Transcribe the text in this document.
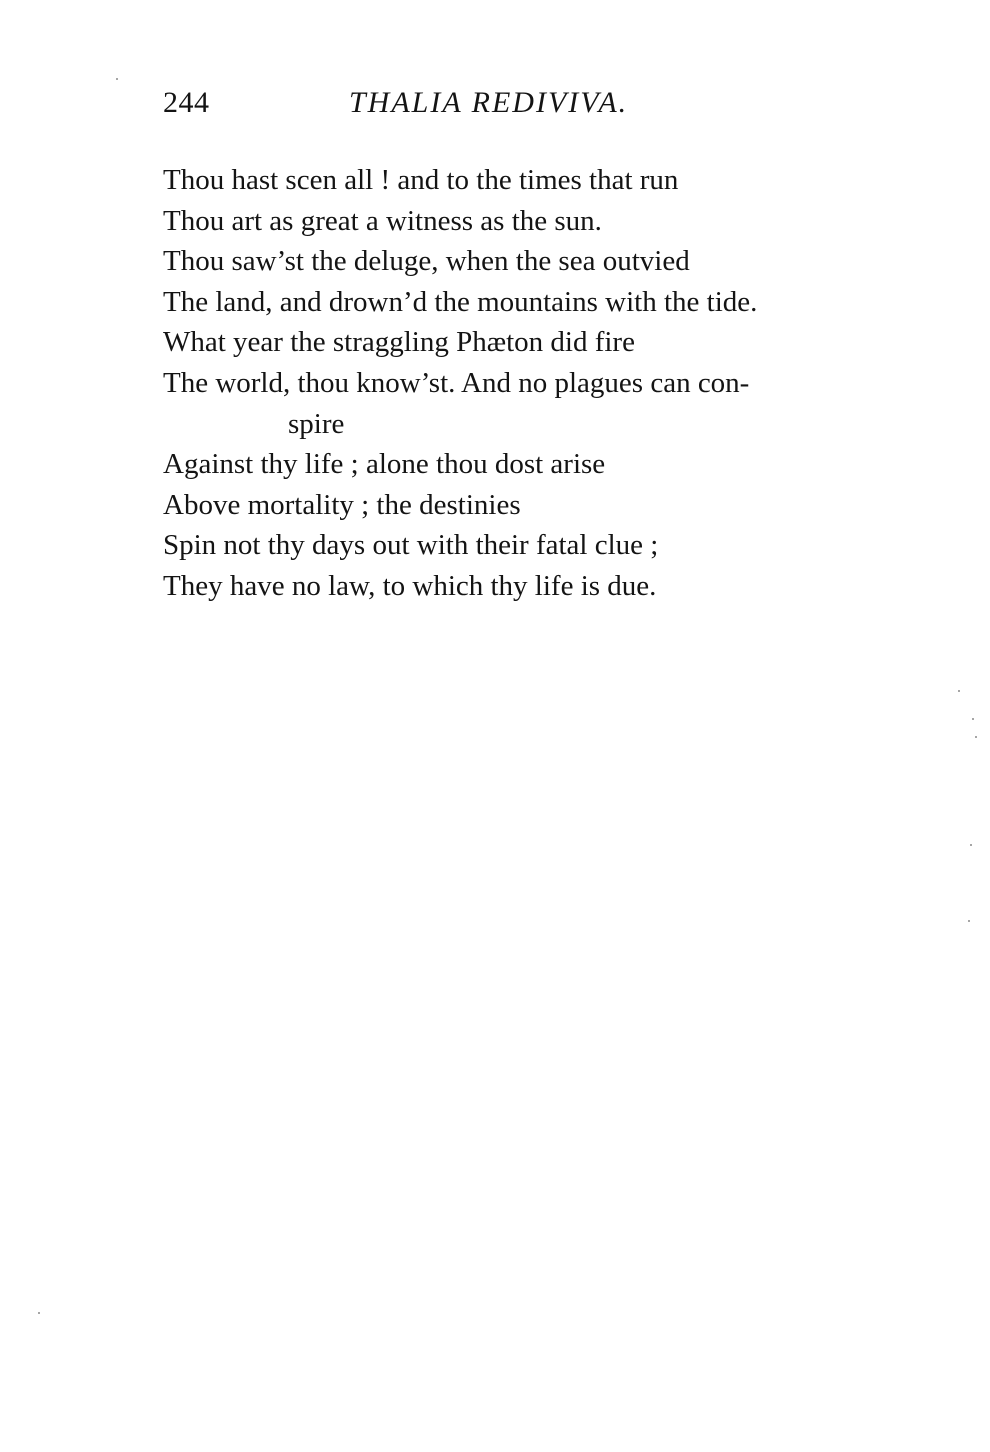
244	THALIA REDIVIVA.
Thou hast scen all ! and to the times that run
Thou art as great a witness as the sun.
Thou saw’st the deluge, when the sea outvied
The land, and drown’d the mountains with the tide.
What year the straggling Phæton did fire
The world, thou know’st. And no plagues can con-
spire
Against thy life ; alone thou dost arise
Above mortality ; the destinies
Spin not thy days out with their fatal clue ;
They have no law, to which thy life is due.
